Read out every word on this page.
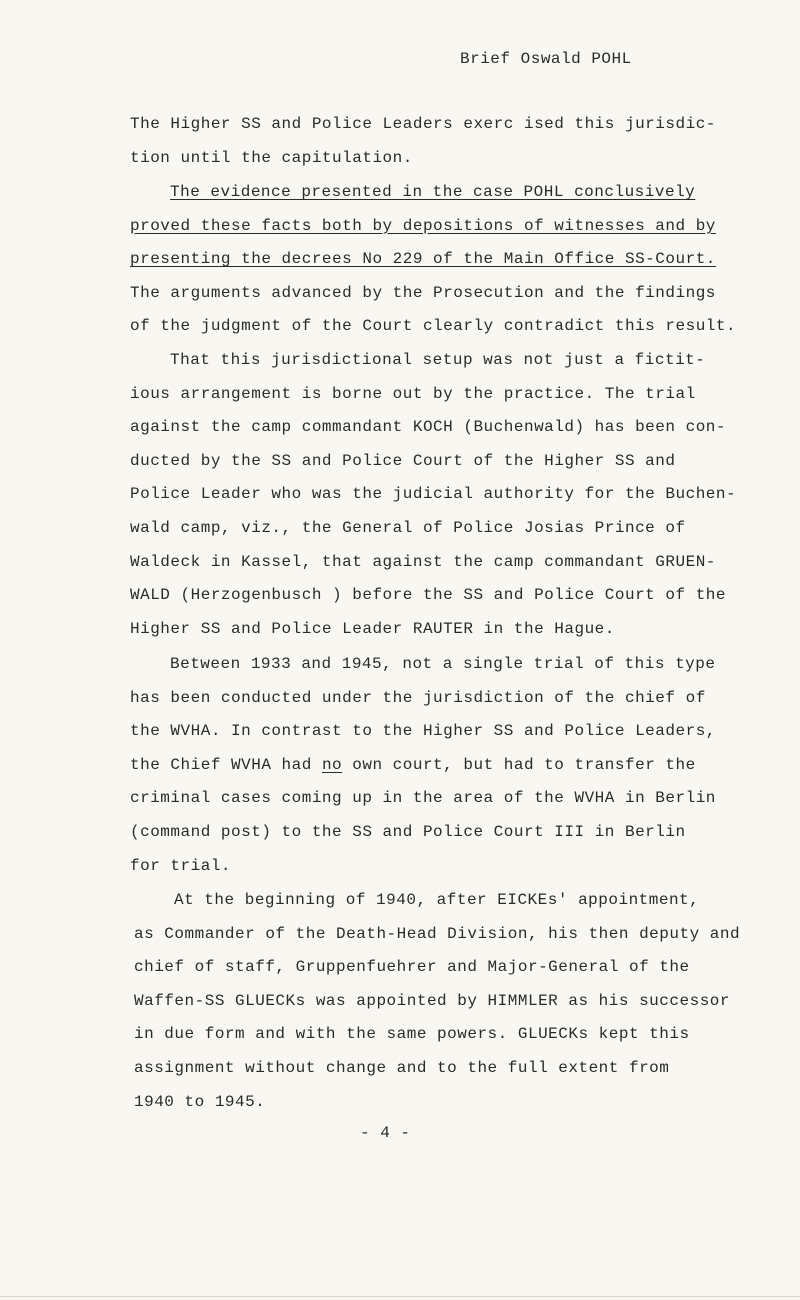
Brief Oswald POHL
The Higher SS and Police Leaders exerc ised this jurisdic-
tion until the capitulation.
The evidence presented in the case POHL conclusively
proved these facts both by depositions of witnesses and by
presenting the decrees No 229 of the Main Office SS-Court.
The arguments advanced by the Prosecution and the findings
of the judgment of the Court clearly contradict this result.
That this jurisdictional setup was not just a fictit-
ious arrangement is borne out by the practice. The trial
against the camp commandant KOCH (Buchenwald) has been con-
ducted by the SS and Police Court of the Higher SS and
Police Leader who was the judicial authority for the Buchen-
wald camp, viz., the General of Police Josias Prince of
Waldeck in Kassel, that against the camp commandant GRUEN-
WALD (Herzogenbusch ) before the SS and Police Court of the
Higher SS and Police Leader RAUTER in the Hague.
Between 1933 and 1945, not a single trial of this type
has been conducted under the jurisdiction of the chief of
the WVHA. In contrast to the Higher SS and Police Leaders,
the Chief WVHA had no own court, but had to transfer the
criminal cases coming up in the area of the WVHA in Berlin
(command post) to the SS and Police Court III in Berlin
for trial.
At the beginning of 1940, after EICKEs' appointment,
as Commander of the Death-Head Division, his then deputy and
chief of staff, Gruppenfuehrer and Major-General of the
Waffen-SS GLUECKs was appointed by HIMMLER as his successor
in due form and with the same powers. GLUECKs kept this
assignment without change and to the full extent from
1940 to 1945.
- 4 -
